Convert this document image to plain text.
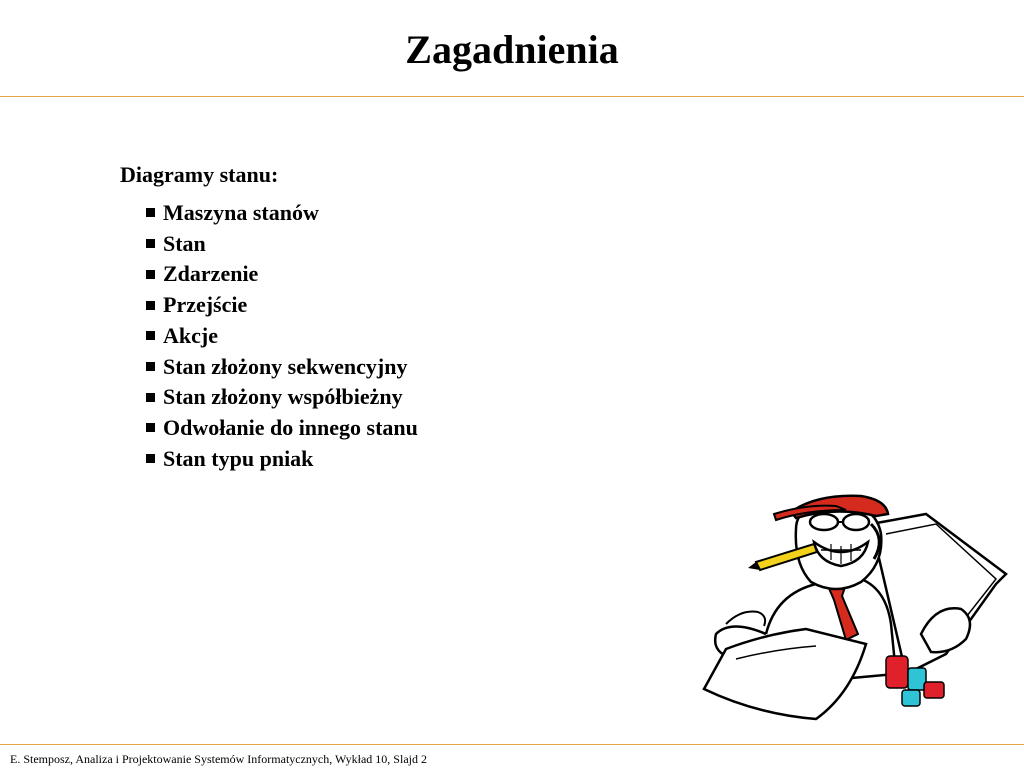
Zagadnienia
Diagramy stanu:
Maszyna stanów
Stan
Zdarzenie
Przejście
Akcje
Stan złożony sekwencyjny
Stan złożony współbieżny
Odwołanie do innego stanu
Stan typu pniak
E. Stemposz, Analiza i Projektowanie Systemów Informatycznych, Wykład 10, Slajd 2
